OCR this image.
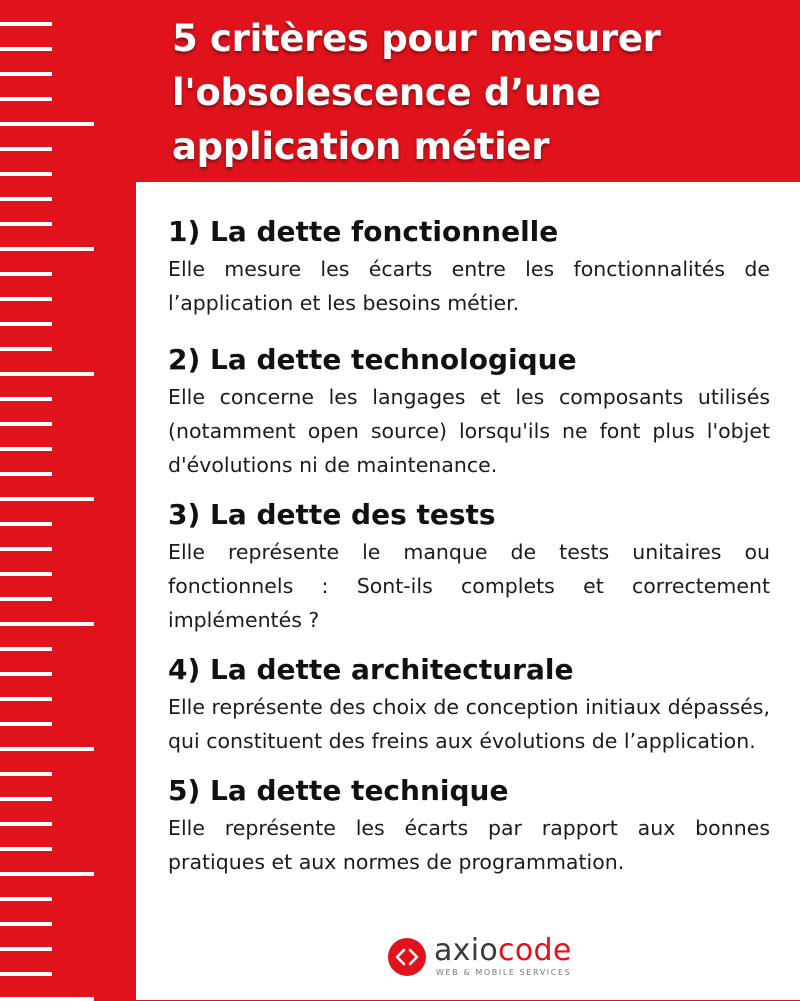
5 critères pour mesurer
l'obsolescence d’une
application métier
1) La dette fonctionnelle

Elle mesure les écarts entre les fonctionnalités de l’application et les besoins métier.

2) La dette technologique

Elle concerne les langages et les composants utilisés (notamment open source) lorsqu'ils ne font plus l'objet d'évolutions ni de maintenance.

3) La dette des tests

Elle représente le manque de tests unitaires ou fonctionnels : Sont-ils complets et correctement implémentés ?

4) La dette architecturale

Elle représente des choix de conception initiaux dépassés, qui constituent des freins aux évolutions de l’application.

5) La dette technique

Elle représente les écarts par rapport aux bonnes pratiques et aux normes de programmation.

axiocode
WEB & MOBILE SERVICES
